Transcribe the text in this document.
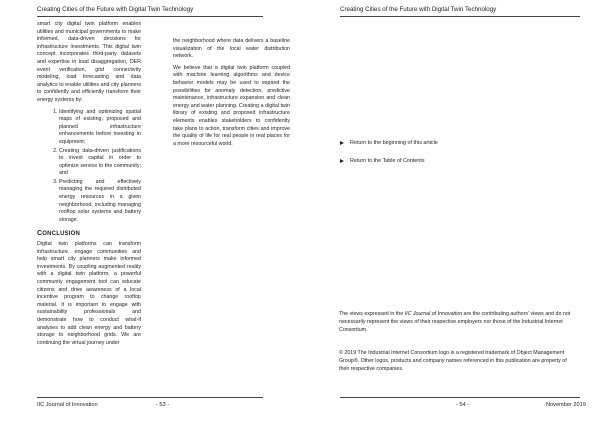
Creating Cities of the Future with Digital Twin Technology

smart city digital twin platform enables utilities and municipal governments to make informed, data-driven decisions for infrastructure investments. This digital twin concept incorporates third-party datasets and expertise in load disaggregation, DER event verification, grid connectivity modeling, load forecasting and data analytics to enable utilities and city planners to confidently and efficiently transform their energy systems by:

1. Identifying and optimizing spatial maps of existing, proposed and planned infrastructure enhancements before investing in equipment;
2. Creating data-driven justifications to invest capital in order to optimize service to the community; and
3. Predicting and effectively managing the required distributed energy resources in a given neighborhood, including managing rooftop solar systems and battery storage.
CONCLUSION

Digital twin platforms can transform infrastructure, engage communities and help smart city planners make informed investments. By coupling augmented reality with a digital twin platform, a powerful community engagement tool can educate citizens and drive awareness of a local incentive program to change rooftop material. It is important to engage with sustainability professionals and demonstrate how to conduct what-if analyses to add clean energy and battery storage to neighborhood grids. We are continuing the virtual journey under

the neighborhood where data delivers a baseline visualization of the local water distribution network.

We believe that a digital twin platform coupled with machine learning algorithms and device behavior models may be used to expand the possibilities for anomaly detection, predictive maintenance, infrastructure expansion and clean energy and water planning. Creating a digital twin library of existing and proposed infrastructure elements enables stakeholders to confidently take plans to action, transform cities and improve the quality of life for real people in real places for a more resourceful world.

IIC Journal of Innovation	- 53 -
Creating Cities of the Future with Digital Twin Technology
- 54 -	November 2019
Return to the beginning of this article
Return to the Table of Contents

The views expressed in the IIC Journal of Innovation are the contributing authors' views and do not necessarily represent the views of their respective employers nor those of the Industrial Internet Consortium.

© 2019 The Industrial Internet Consortium logo is a registered trademark of Object Management Group®. Other logos, products and company names referenced in this publication are property of their respective companies.
